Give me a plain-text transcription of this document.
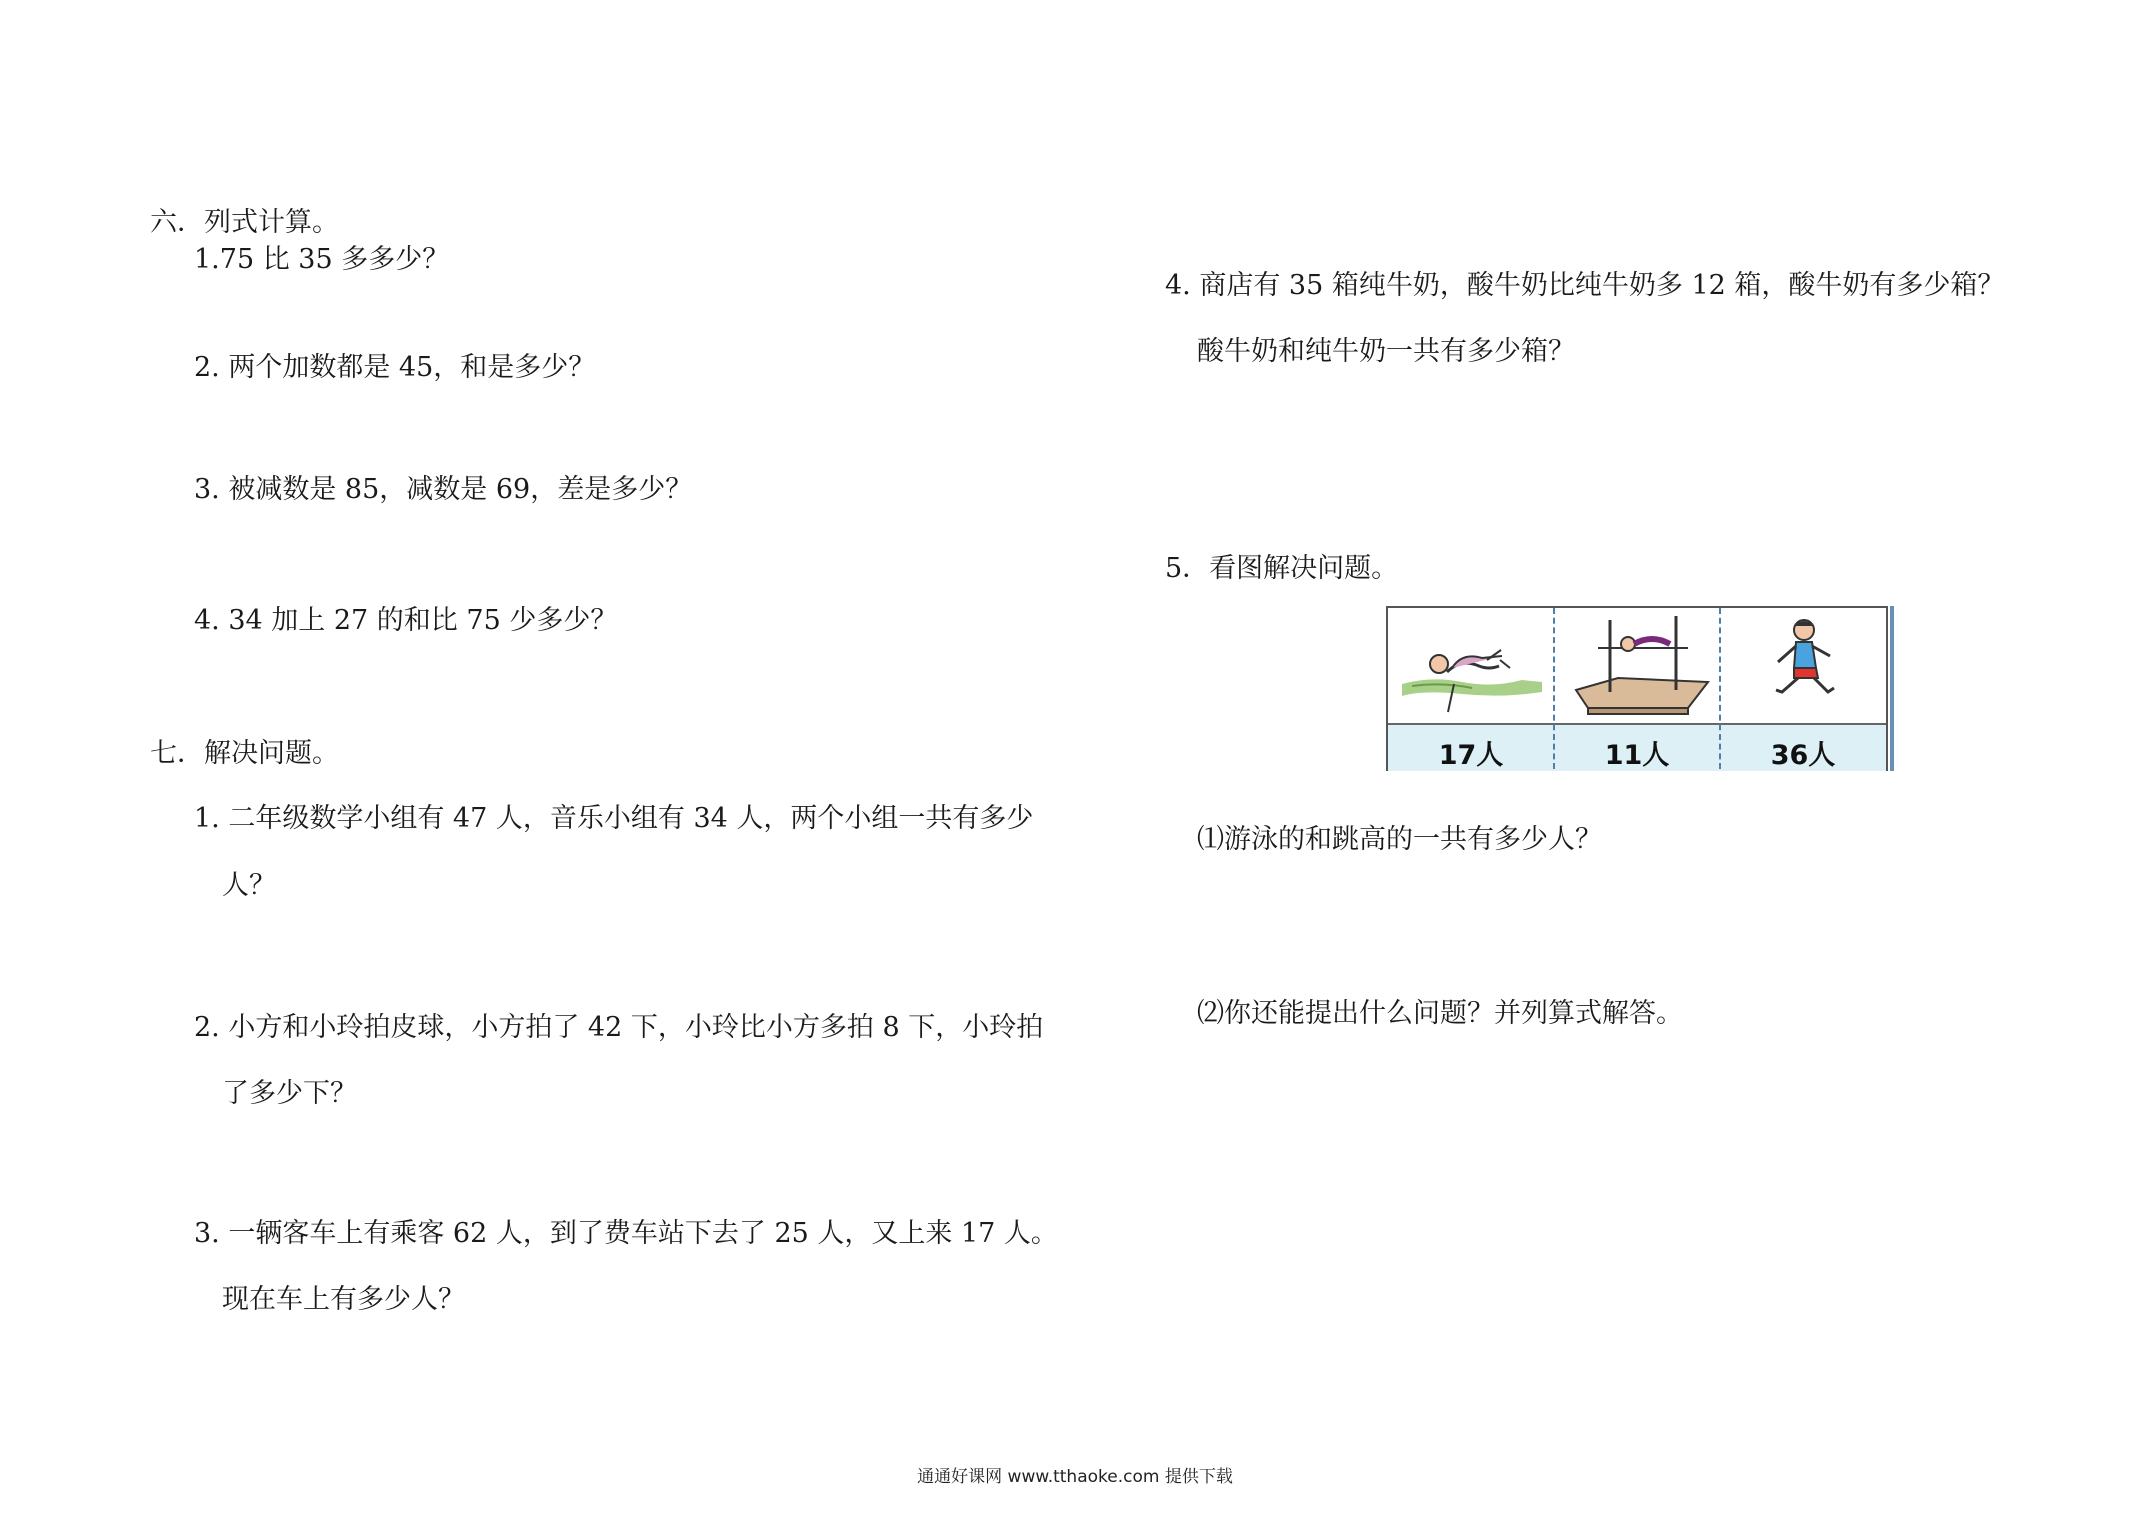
六．列式计算。
1.75 比 35 多多少？
2. 两个加数都是 45，和是多少？
3. 被减数是 85，减数是 69，差是多少？
4. 34 加上 27 的和比 75 少多少？
七．解决问题。
1. 二年级数学小组有 47 人，音乐小组有 34 人，两个小组一共有多少
人？
2. 小方和小玲拍皮球，小方拍了 42 下，小玲比小方多拍 8 下，小玲拍
了多少下？
3. 一辆客车上有乘客 62 人，到了费车站下去了 25 人，又上来 17 人。
现在车上有多少人？
4. 商店有 35 箱纯牛奶，酸牛奶比纯牛奶多 12 箱，酸牛奶有多少箱？
酸牛奶和纯牛奶一共有多少箱？
5．看图解决问题。
17人	11人	36人
⑴游泳的和跳高的一共有多少人？
⑵你还能提出什么问题？并列算式解答。
通通好课网 www.tthaoke.com 提供下载
